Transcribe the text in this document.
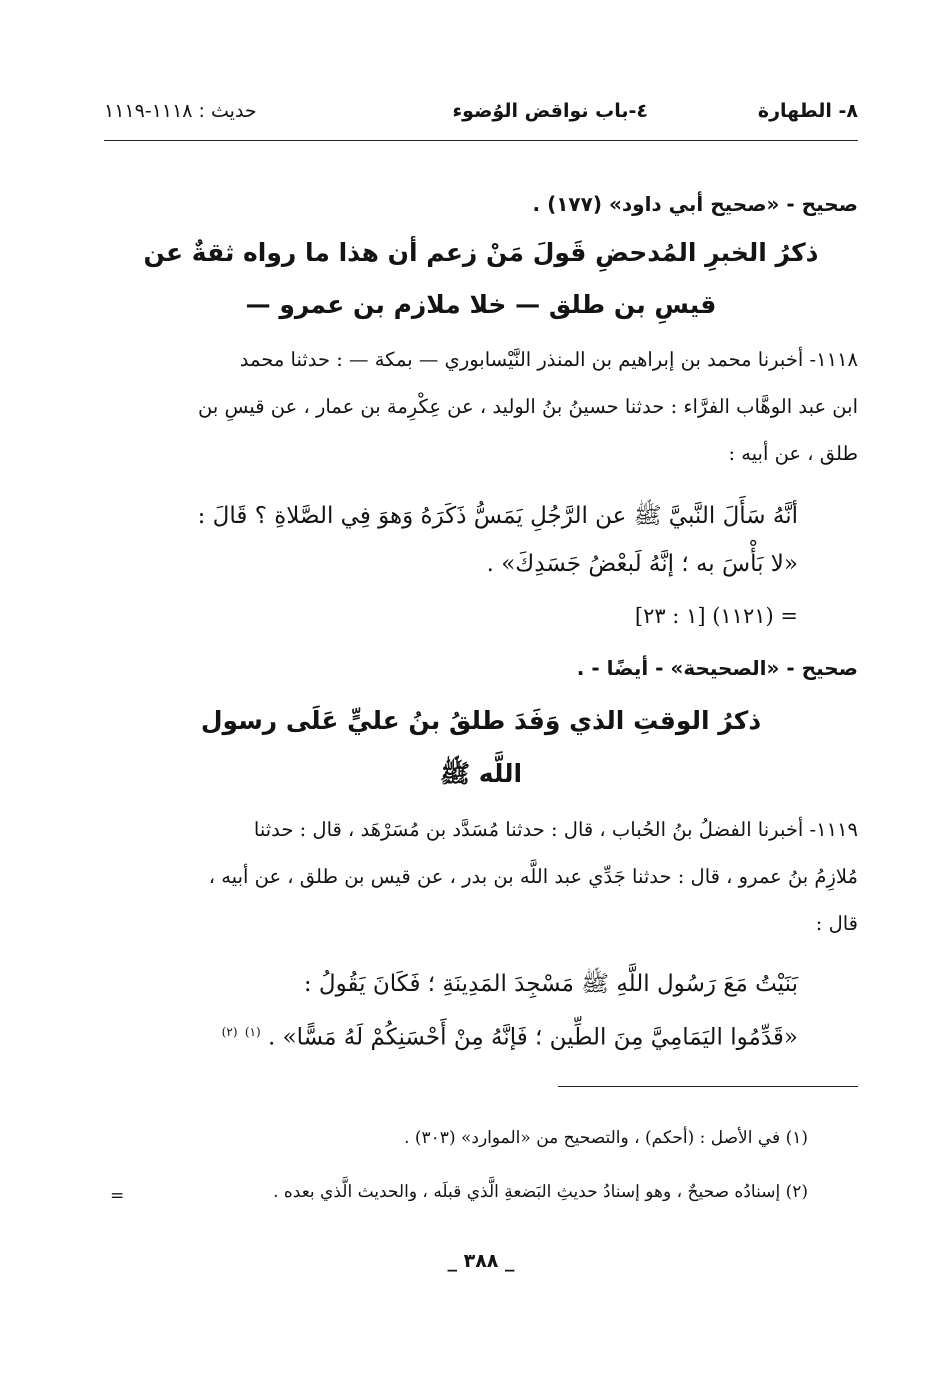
٨- الطهارة
٤-باب نواقض الوُضوء
حديث : ١١١٨-١١١٩
صحيح - «صحيح أبي داود» (١٧٧) .
ذكرُ الخبرِ المُدحضِ قَولَ مَنْ زعم أن هذا ما رواه ثقةٌ عن
قيسِ بن طلق — خلا ملازم بن عمرو —
١١١٨- أخبرنا محمد بن إبراهيم بن المنذر النَّيْسابوري — بمكة — : حدثنا محمد
ابن عبد الوهَّاب الفرَّاء : حدثنا حسينُ بنُ الوليد ، عن عِكْرِمة بن عمار ، عن قيسِ بن
طلق ، عن أبيه :
أنَّهُ سَأَلَ النَّبيَّ ﷺ عن الرَّجُلِ يَمَسُّ ذَكَرَهُ وَهوَ فِي الصَّلاةِ ؟ قَالَ :
«لا بَأْسَ به ؛ إنَّهُ لَبعْضُ جَسَدِكَ» .
= (١١٢١) [١ : ٢٣]
صحيح - «الصحيحة» - أيضًا - .
ذكرُ الوقتِ الذي وَفَدَ طلقُ بنُ عليٍّ عَلَى رسول
اللَّه ﷺ
١١١٩- أخبرنا الفضلُ بنُ الحُباب ، قال : حدثنا مُسَدَّد بن مُسَرْهَد ، قال : حدثنا
مُلازِمُ بنُ عمرو ، قال : حدثنا جَدِّي عبد اللَّه بن بدر ، عن قيس بن طلق ، عن أبيه ،
قال :
بَنَيْتُ مَعَ رَسُول اللَّهِ ﷺ مَسْجِدَ المَدِينَةِ ؛ فَكَانَ يَقُولُ :
«قَدِّمُوا اليَمَامِيَّ مِنَ الطِّين ؛ فَإنَّهُ مِنْ أَحْسَنِكُمْ لَهُ مَسًّا» . $^{(١)}$ $^{(٢)}$
(١) في الأصل : (أحكم) ، والتصحيح من «الموارد» (٣٠٣) .
(٢) إسنادُه صحيحٌ ، وهو إسنادُ حديثِ البَضعةِ الَّذي قبلَه ، والحديث الَّذي بعده .
=
_ ٣٨٨ _
